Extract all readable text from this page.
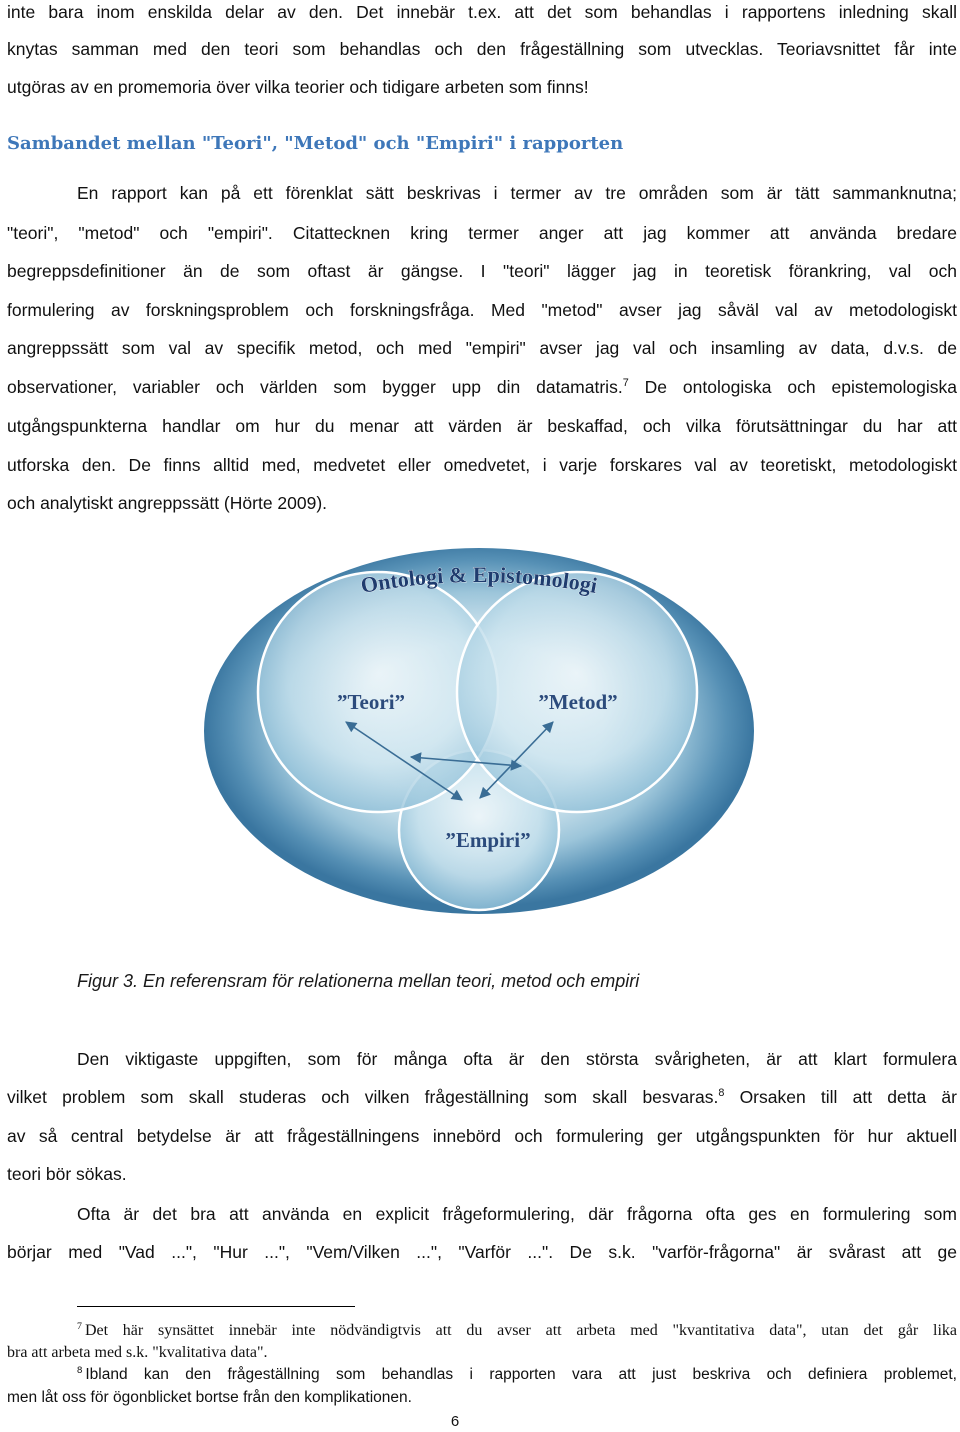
inte bara inom enskilda delar av den. Det innebär t.ex. att det som behandlas i rapportens inledning skall
knytas samman med den teori som behandlas och den frågeställning som utvecklas. Teoriavsnittet får inte
utgöras av en promemoria över vilka teorier och tidigare arbeten som finns!
Sambandet mellan "Teori", "Metod" och "Empiri" i rapporten
En rapport kan på ett förenklat sätt beskrivas i termer av tre områden som är tätt sammanknutna;
"teori", "metod" och "empiri". Citattecknen kring termer anger att jag kommer att använda bredare
begreppsdefinitioner än de som oftast är gängse. I "teori" lägger jag in teoretisk förankring, val och
formulering av forskningsproblem och forskningsfråga. Med "metod" avser jag såväl val av metodologiskt
angreppssätt som val av specifik metod, och med "empiri" avser jag val och insamling av data, d.v.s. de
observationer, variabler och världen som bygger upp din datamatris.$^7$ De ontologiska och epistemologiska
utgångspunkterna handlar om hur du menar att värden är beskaffad, och vilka förutsättningar du har att
utforska den. De finns alltid med, medvetet eller omedvetet, i varje forskares val av teoretiskt, metodologiskt
och analytiskt angreppssätt (Hörte 2009).
”Teori”	”Metod”
”Empiri”
Ontologi & Epistomologi
Figur 3. En referensram för relationerna mellan teori, metod och empiri
Den viktigaste uppgiften, som för många ofta är den största svårigheten, är att klart formulera
vilket problem som skall studeras och vilken frågeställning som skall besvaras.$^8$ Orsaken till att detta är
av så central betydelse är att frågeställningens innebörd och formulering ger utgångspunkten för hur aktuell
teori bör sökas.
Ofta är det bra att använda en explicit frågeformulering, där frågorna ofta ges en formulering som
börjar med "Vad ...", "Hur ...", "Vem/Vilken ...", "Varför ...". De s.k. "varför-frågorna" är svårast att ge
$^7$ Det här synsättet innebär inte nödvändigtvis att du avser att arbeta med "kvantitativa data", utan det går lika
bra att arbeta med s.k. "kvalitativa data".
$^8$ Ibland kan den frågeställning som behandlas i rapporten vara att just beskriva och definiera problemet,
men låt oss för ögonblicket bortse från den komplikationen.
6
